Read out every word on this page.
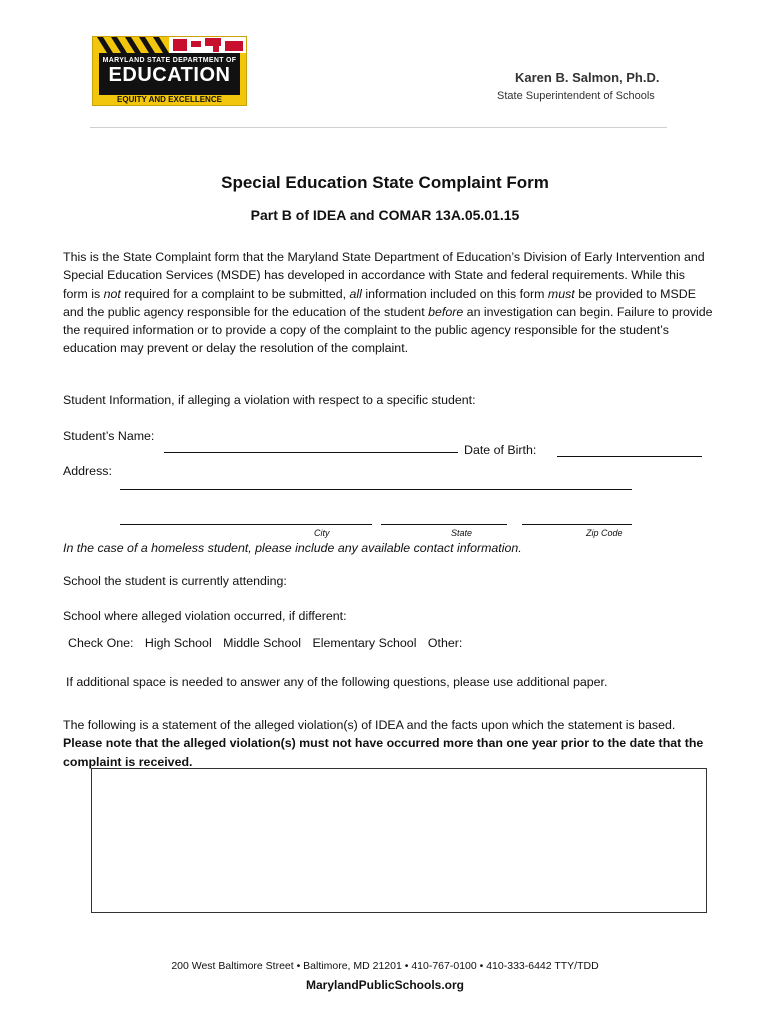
MARYLAND STATE DEPARTMENT OF
EDUCATION
EQUITY AND EXCELLENCE
Karen B. Salmon, Ph.D.
State Superintendent of Schools
Special Education State Complaint Form
Part B of IDEA and COMAR 13A.05.01.15
This is the State Complaint form that the Maryland State Department of Education’s Division of Early Intervention and Special Education Services (MSDE) has developed in accordance with State and federal requirements. While this form is not required for a complaint to be submitted, all information included on this form must be provided to MSDE and the public agency responsible for the education of the student before an investigation can begin. Failure to provide the required information or to provide a copy of the complaint to the public agency responsible for the student’s education may prevent or delay the resolution of the complaint.
Student Information, if alleging a violation with respect to a specific student:
Student’s Name:
Date of Birth:
Address:
City	State	Zip Code
In the case of a homeless student, please include any available contact information.
School the student is currently attending:
School where alleged violation occurred, if different:
Check One: High School Middle School Elementary School Other:
If additional space is needed to answer any of the following questions, please use additional paper.
The following is a statement of the alleged violation(s) of IDEA and the facts upon which the statement is based. Please note that the alleged violation(s) must not have occurred more than one year prior to the date that the complaint is received.
200 West Baltimore Street • Baltimore, MD 21201 • 410-767-0100 • 410-333-6442 TTY/TDD
MarylandPublicSchools.org
